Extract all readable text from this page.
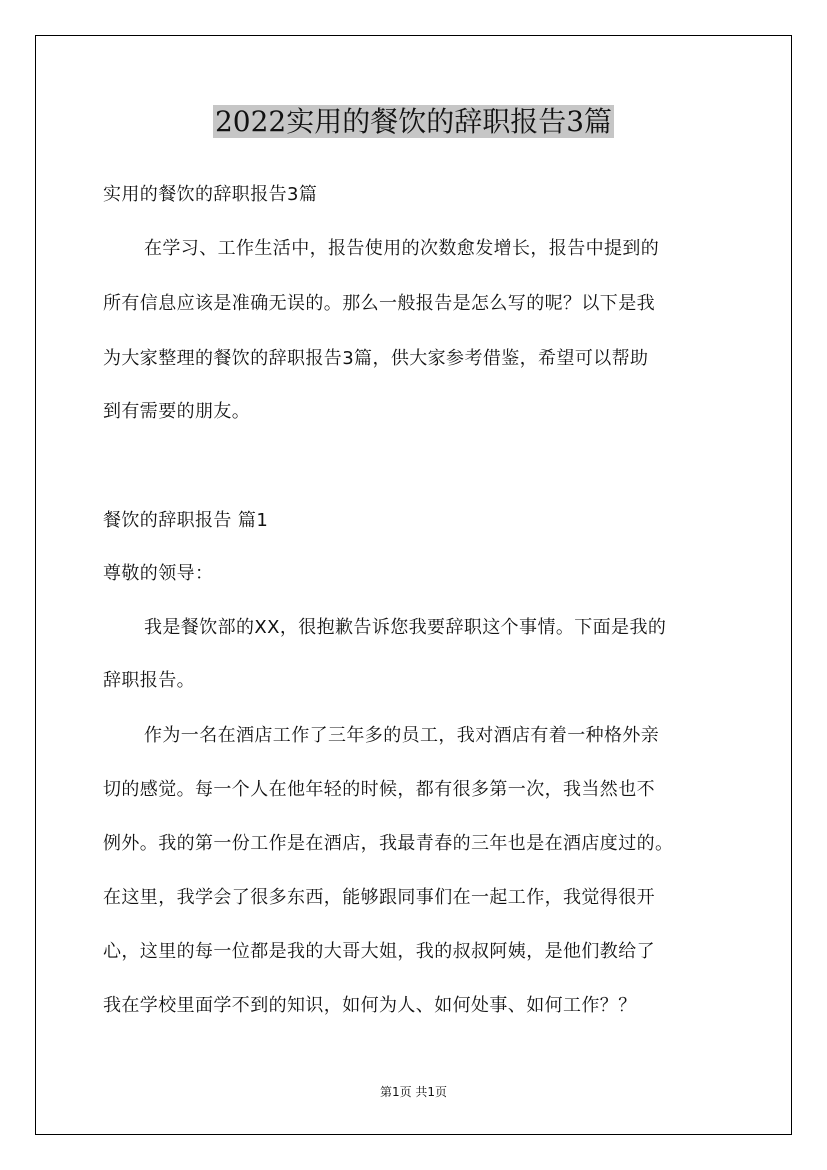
2022实用的餐饮的辞职报告3篇
实用的餐饮的辞职报告3篇
在学习、工作生活中，报告使用的次数愈发增长，报告中提到的
所有信息应该是准确无误的。那么一般报告是怎么写的呢？以下是我
为大家整理的餐饮的辞职报告3篇，供大家参考借鉴，希望可以帮助
到有需要的朋友。
餐饮的辞职报告 篇1
尊敬的领导：
我是餐饮部的XX，很抱歉告诉您我要辞职这个事情。下面是我的
辞职报告。
作为一名在酒店工作了三年多的员工，我对酒店有着一种格外亲
切的感觉。每一个人在他年轻的时候，都有很多第一次，我当然也不
例外。我的第一份工作是在酒店，我最青春的三年也是在酒店度过的。
在这里，我学会了很多东西，能够跟同事们在一起工作，我觉得很开
心，这里的每一位都是我的大哥大姐，我的叔叔阿姨，是他们教给了
我在学校里面学不到的知识，如何为人、如何处事、如何工作？？
第1页 共1页
